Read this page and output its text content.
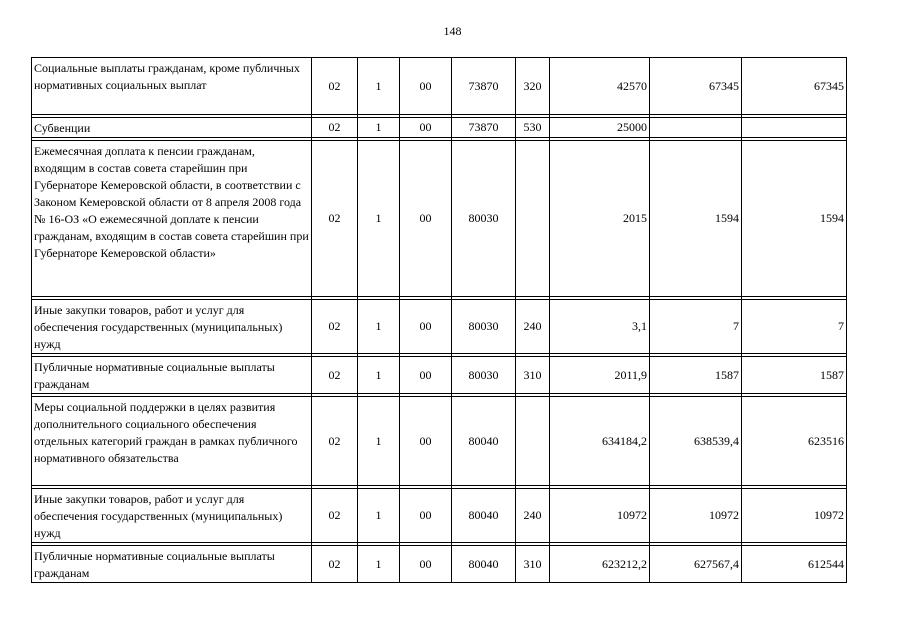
148
Социальные выплаты гражданам, кроме публичных нормативных социальных выплат	02	1	00	73870	320	42570	67345	67345

Субвенции	02	1	00	73870	530	25000		

Ежемесячная доплата к пенсии гражданам, входящим в состав совета старейшин при Губернаторе Кемеровской области, в соответствии с Законом Кемеровской области от 8 апреля 2008 года № 16-ОЗ «О ежемесячной доплате к пенсии гражданам, входящим в состав совета старейшин при Губернаторе Кемеровской области»	02	1	00	80030		2015	1594	1594

Иные закупки товаров, работ и услуг для обеспечения государственных (муниципальных) нужд	02	1	00	80030	240	3,1	7	7

Публичные нормативные социальные выплаты гражданам	02	1	00	80030	310	2011,9	1587	1587

Меры социальной поддержки в целях развития дополнительного социального обеспечения отдельных категорий граждан в рамках публичного нормативного обязательства	02	1	00	80040		634184,2	638539,4	623516

Иные закупки товаров, работ и услуг для обеспечения государственных (муниципальных) нужд	02	1	00	80040	240	10972	10972	10972

Публичные нормативные социальные выплаты гражданам	02	1	00	80040	310	623212,2	627567,4	612544
